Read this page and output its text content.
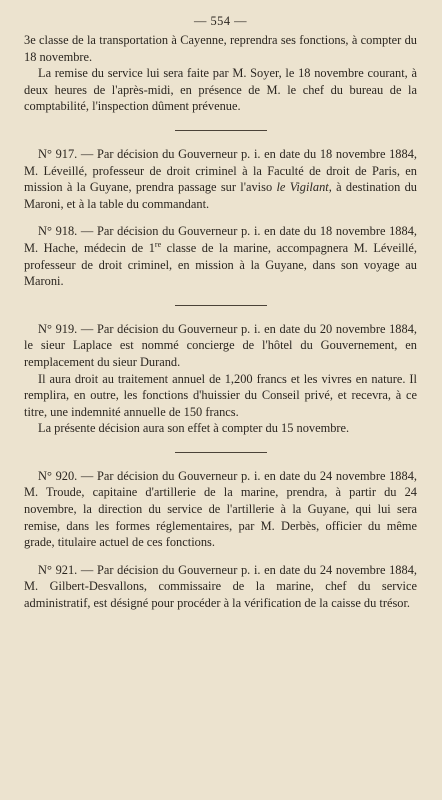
— 554 —

3e classe de la transportation à Cayenne, reprendra ses fonctions, à compter du 18 novembre.

La remise du service lui sera faite par M. Soyer, le 18 novembre courant, à deux heures de l'après-midi, en présence de M. le chef du bureau de la comptabilité, l'inspection dûment prévenue.

N° 917. — Par décision du Gouverneur p. i. en date du 18 novembre 1884, M. Léveillé, professeur de droit criminel à la Faculté de droit de Paris, en mission à la Guyane, prendra passage sur l'aviso le Vigilant, à destination du Maroni, et à la table du commandant.

N° 918. — Par décision du Gouverneur p. i. en date du 18 novembre 1884, M. Hache, médecin de 1re classe de la marine, accompagnera M. Léveillé, professeur de droit criminel, en mission à la Guyane, dans son voyage au Maroni.

N° 919. — Par décision du Gouverneur p. i. en date du 20 novembre 1884, le sieur Laplace est nommé concierge de l'hôtel du Gouvernement, en remplacement du sieur Durand.

Il aura droit au traitement annuel de 1,200 francs et les vivres en nature. Il remplira, en outre, les fonctions d'huissier du Conseil privé, et recevra, à ce titre, une indemnité annuelle de 150 francs.

La présente décision aura son effet à compter du 15 novembre.

N° 920. — Par décision du Gouverneur p. i. en date du 24 novembre 1884, M. Troude, capitaine d'artillerie de la marine, prendra, à partir du 24 novembre, la direction du service de l'artillerie à la Guyane, qui lui sera remise, dans les formes réglementaires, par M. Derbès, officier du même grade, titulaire actuel de ces fonctions.

N° 921. — Par décision du Gouverneur p. i. en date du 24 novembre 1884, M. Gilbert-Desvallons, commissaire de la marine, chef du service administratif, est désigné pour procéder à la vérification de la caisse du trésor.
